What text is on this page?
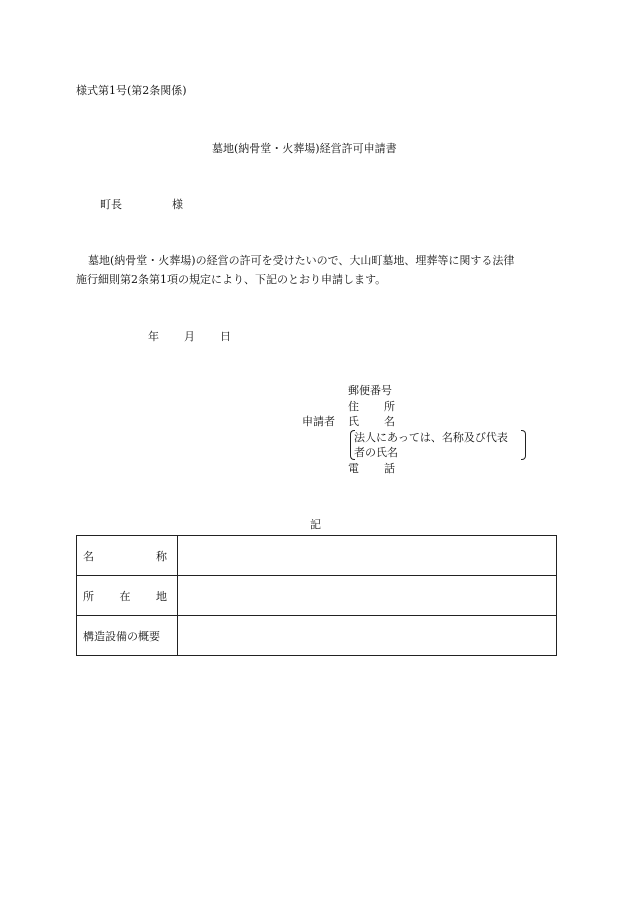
様式第1号(第2条関係)
墓地(納骨堂・火葬場)経営許可申請書
町長	様
墓地(納骨堂・火葬場)の経営の許可を受けたいので、大山町墓地、埋葬等に関する法律
施行細則第2条第1項の規定により、下記のとおり申請します。
年 月 日
郵便番号
住 所
申請者 氏 名
法人にあっては、名称及び代表
者の氏名
電 話
記
名 称	

所 在 地	

構造設備の概要	
